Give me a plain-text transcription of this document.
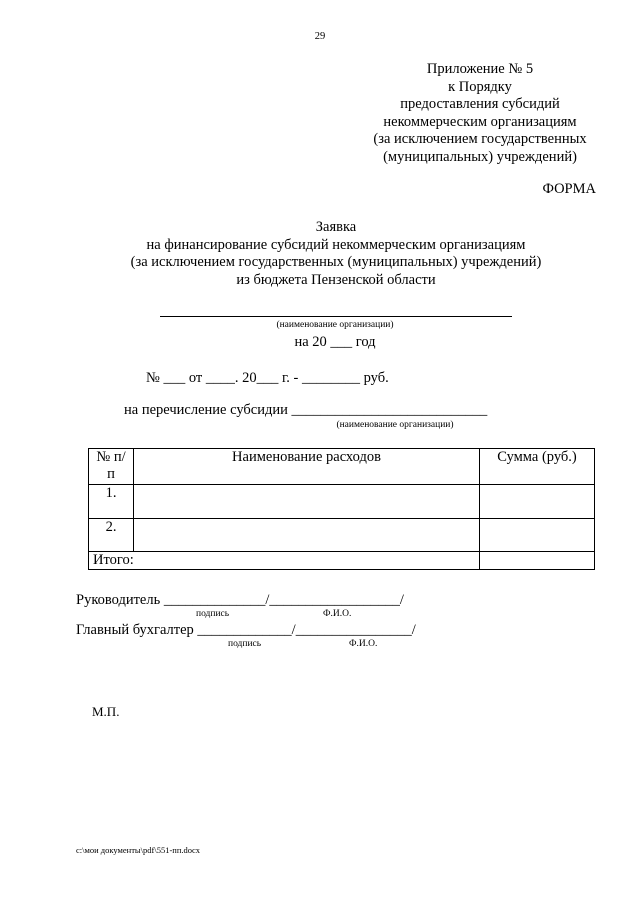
29
Приложение № 5
к Порядку
предоставления субсидий
некоммерческим организациям
(за исключением государственных
(муниципальных) учреждений)
ФОРМА
Заявка
на финансирование субсидий некоммерческим организациям
(за исключением государственных (муниципальных) учреждений)
из бюджета Пензенской области
(наименование организации)
на 20 ___ год
№ ___ от ____. 20___ г. - ________ руб.
на перечисление субсидии ___________________________
(наименование организации)
№ п/п	Наименование расходов	Сумма (руб.)
1.		
2.		
Итого:		
Руководитель ______________/__________________/
подпись	Ф.И.О.
Главный бухгалтер _____________/________________/
подпись	Ф.И.О.
М.П.
c:\мои документы\pdf\551-пп.docx
